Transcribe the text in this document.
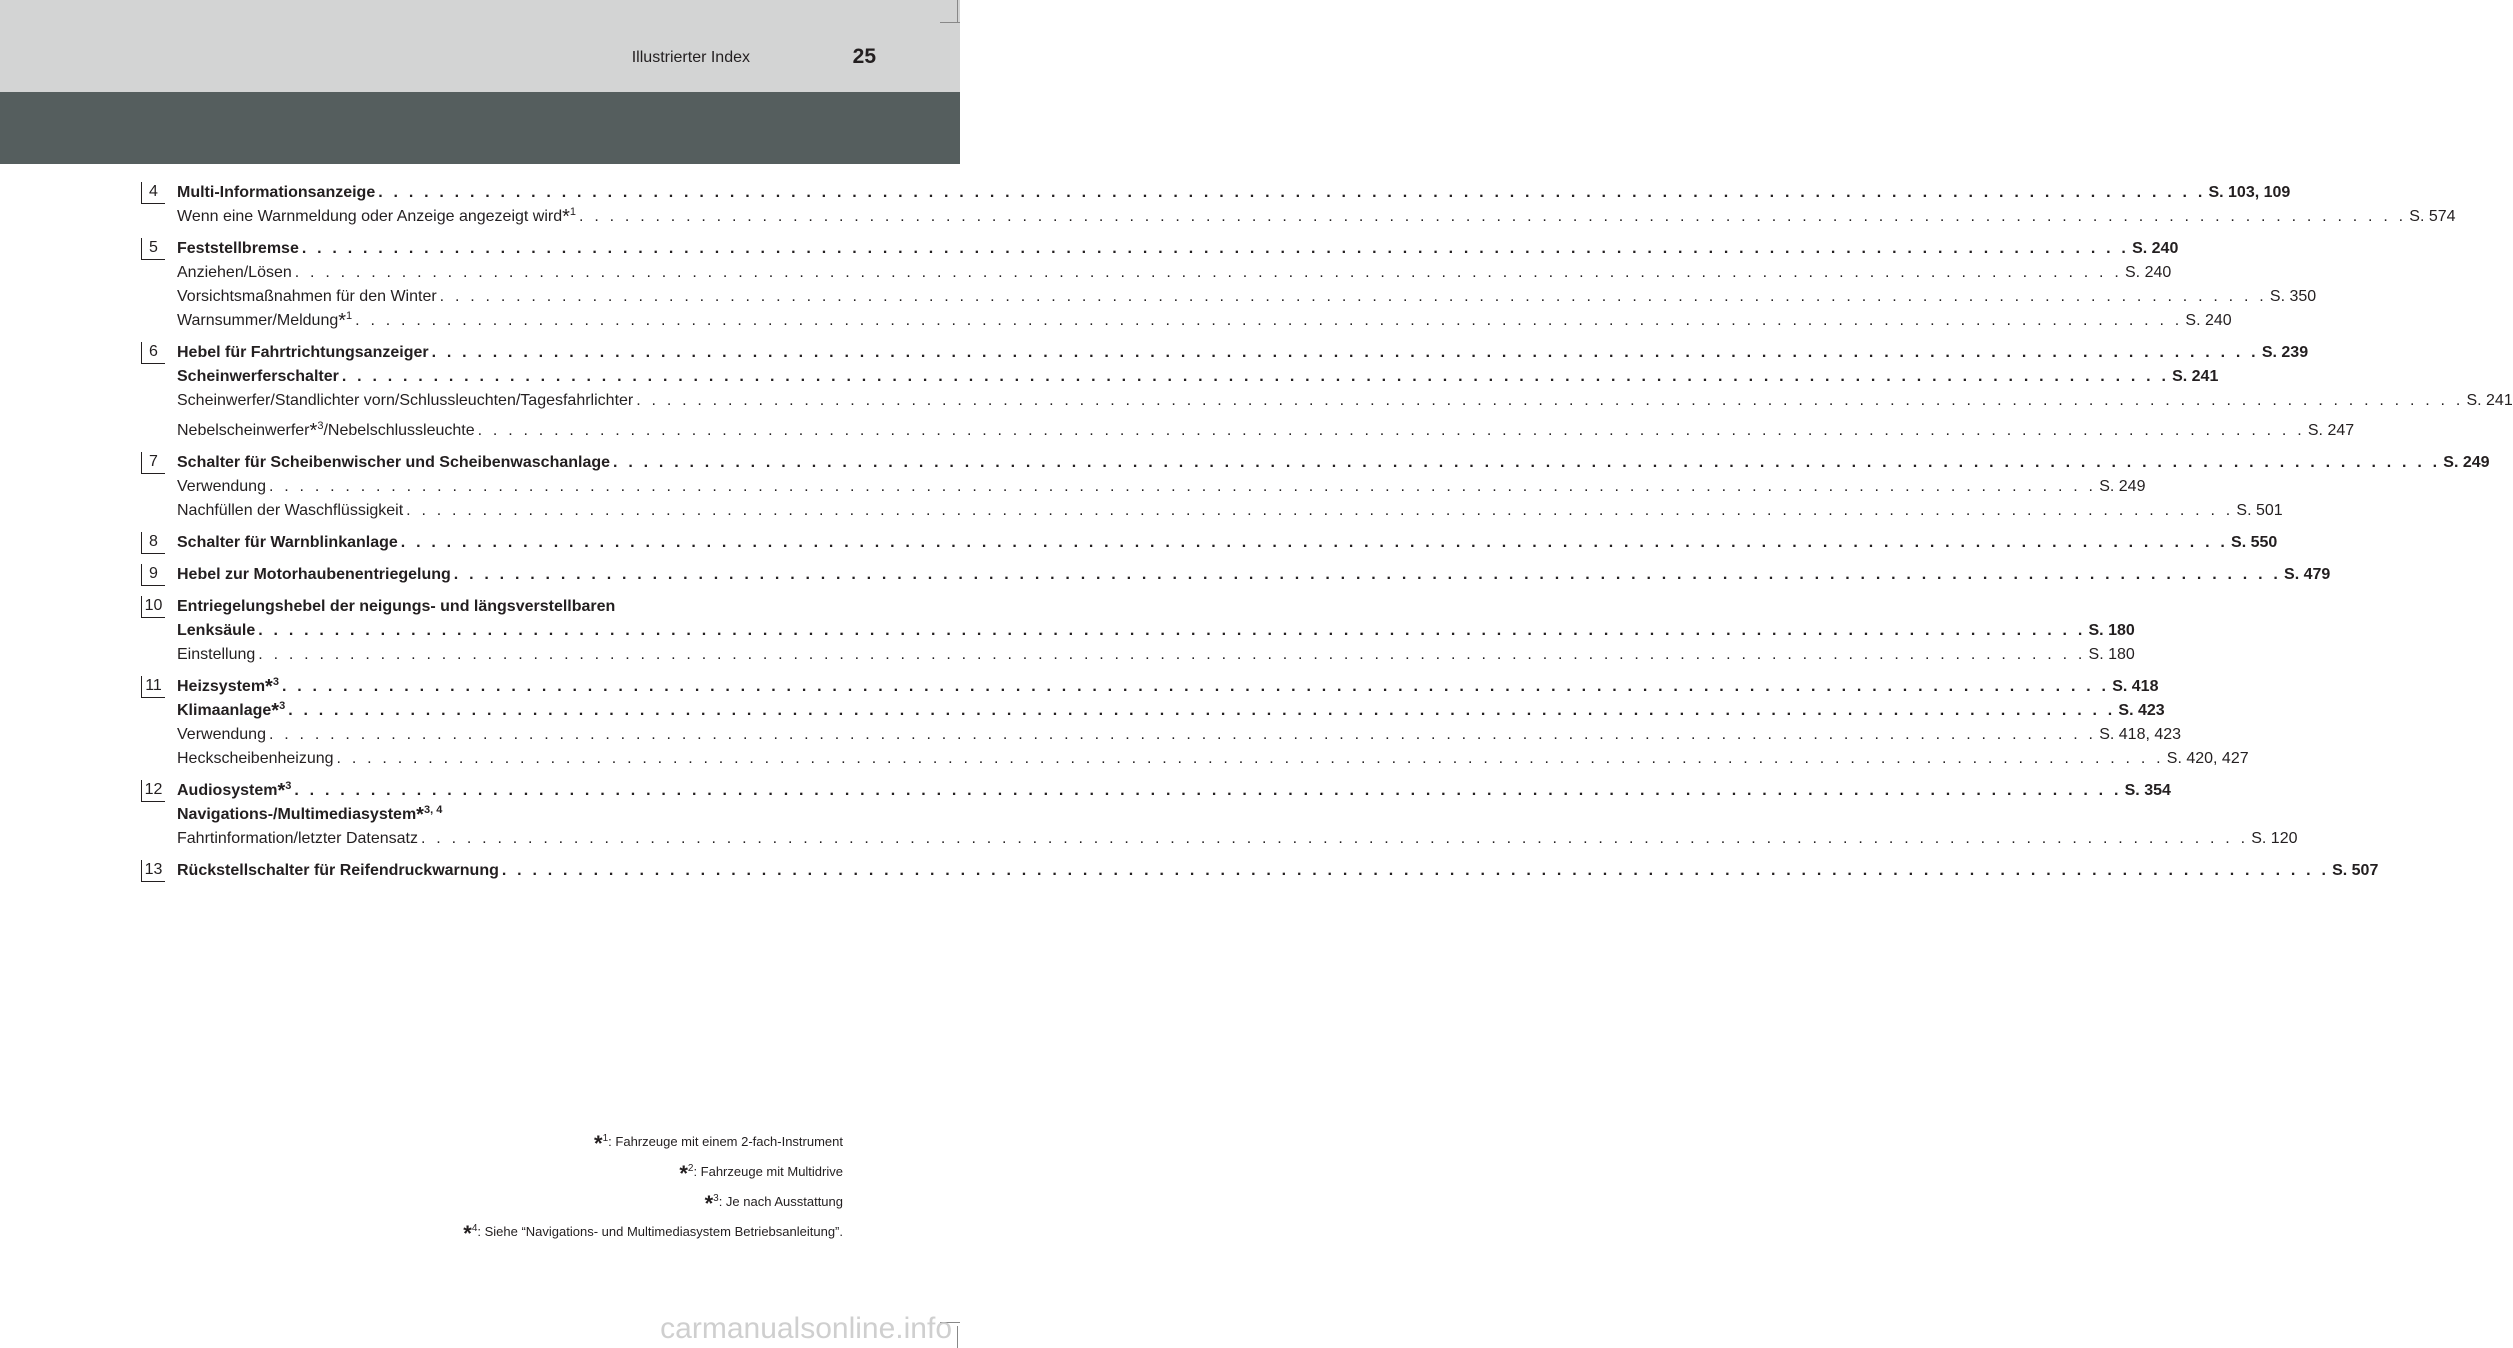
Illustrierter Index	25
4	Multi-Informationsanzeige . . . . . . . . . . . . . . . . . . . . . . . . . . . . . . . . . . . . . . . . . . . . . . . . . . . . . . . . . . . . . . . . . . . . . . . . . . . . . . . . . . . . . . . . . . . . . . . . . . . . . . . . . . . . . . . . . . . . . . . . S. 103, 109
Wenn eine Warnmeldung oder Anzeige angezeigt wird*$^1$ . . . . . . . . . . . . . . . . . . . . . . . . . . . . . . . . . . . . . . . . . . . . . . . . . . . . . . . . . . . . . . . . . . . . . . . . . . . . . . . . . . . . . . . . . . . . . . . . . . . . . . . . . . . . . . . . . . . . . . . . S. 574
5	Feststellbremse . . . . . . . . . . . . . . . . . . . . . . . . . . . . . . . . . . . . . . . . . . . . . . . . . . . . . . . . . . . . . . . . . . . . . . . . . . . . . . . . . . . . . . . . . . . . . . . . . . . . . . . . . . . . . . . . . . . . . . . . S. 240
Anziehen/Lösen . . . . . . . . . . . . . . . . . . . . . . . . . . . . . . . . . . . . . . . . . . . . . . . . . . . . . . . . . . . . . . . . . . . . . . . . . . . . . . . . . . . . . . . . . . . . . . . . . . . . . . . . . . . . . . . . . . . . . . . . S. 240
Vorsichtsmaßnahmen für den Winter . . . . . . . . . . . . . . . . . . . . . . . . . . . . . . . . . . . . . . . . . . . . . . . . . . . . . . . . . . . . . . . . . . . . . . . . . . . . . . . . . . . . . . . . . . . . . . . . . . . . . . . . . . . . . . . . . . . . . . . . S. 350
Warnsummer/Meldung*$^1$ . . . . . . . . . . . . . . . . . . . . . . . . . . . . . . . . . . . . . . . . . . . . . . . . . . . . . . . . . . . . . . . . . . . . . . . . . . . . . . . . . . . . . . . . . . . . . . . . . . . . . . . . . . . . . . . . . . . . . . . . S. 240
6	Hebel für Fahrtrichtungsanzeiger . . . . . . . . . . . . . . . . . . . . . . . . . . . . . . . . . . . . . . . . . . . . . . . . . . . . . . . . . . . . . . . . . . . . . . . . . . . . . . . . . . . . . . . . . . . . . . . . . . . . . . . . . . . . . . . . . . . . . . . . S. 239
Scheinwerferschalter . . . . . . . . . . . . . . . . . . . . . . . . . . . . . . . . . . . . . . . . . . . . . . . . . . . . . . . . . . . . . . . . . . . . . . . . . . . . . . . . . . . . . . . . . . . . . . . . . . . . . . . . . . . . . . . . . . . . . . . . S. 241
Scheinwerfer/Standlichter vorn/Schlussleuchten/Tagesfahrlichter . . . . . . . . . . . . . . . . . . . . . . . . . . . . . . . . . . . . . . . . . . . . . . . . . . . . . . . . . . . . . . . . . . . . . . . . . . . . . . . . . . . . . . . . . . . . . . . . . . . . . . . . . . . . . . . . . . . . . . . . S. 241
Nebelscheinwerfer*$^3$/Nebelschlussleuchte . . . . . . . . . . . . . . . . . . . . . . . . . . . . . . . . . . . . . . . . . . . . . . . . . . . . . . . . . . . . . . . . . . . . . . . . . . . . . . . . . . . . . . . . . . . . . . . . . . . . . . . . . . . . . . . . . . . . . . . . S. 247
7	Schalter für Scheibenwischer und Scheibenwaschanlage . . . . . . . . . . . . . . . . . . . . . . . . . . . . . . . . . . . . . . . . . . . . . . . . . . . . . . . . . . . . . . . . . . . . . . . . . . . . . . . . . . . . . . . . . . . . . . . . . . . . . . . . . . . . . . . . . . . . . . . . S. 249
Verwendung . . . . . . . . . . . . . . . . . . . . . . . . . . . . . . . . . . . . . . . . . . . . . . . . . . . . . . . . . . . . . . . . . . . . . . . . . . . . . . . . . . . . . . . . . . . . . . . . . . . . . . . . . . . . . . . . . . . . . . . . S. 249
Nachfüllen der Waschflüssigkeit . . . . . . . . . . . . . . . . . . . . . . . . . . . . . . . . . . . . . . . . . . . . . . . . . . . . . . . . . . . . . . . . . . . . . . . . . . . . . . . . . . . . . . . . . . . . . . . . . . . . . . . . . . . . . . . . . . . . . . . . S. 501
8	Schalter für Warnblinkanlage . . . . . . . . . . . . . . . . . . . . . . . . . . . . . . . . . . . . . . . . . . . . . . . . . . . . . . . . . . . . . . . . . . . . . . . . . . . . . . . . . . . . . . . . . . . . . . . . . . . . . . . . . . . . . . . . . . . . . . . . S. 550
9	Hebel zur Motorhaubenentriegelung . . . . . . . . . . . . . . . . . . . . . . . . . . . . . . . . . . . . . . . . . . . . . . . . . . . . . . . . . . . . . . . . . . . . . . . . . . . . . . . . . . . . . . . . . . . . . . . . . . . . . . . . . . . . . . . . . . . . . . . . S. 479
10 Entriegelungshebel der neigungs- und längsverstellbaren
Lenksäule . . . . . . . . . . . . . . . . . . . . . . . . . . . . . . . . . . . . . . . . . . . . . . . . . . . . . . . . . . . . . . . . . . . . . . . . . . . . . . . . . . . . . . . . . . . . . . . . . . . . . . . . . . . . . . . . . . . . . . . . S. 180
Einstellung . . . . . . . . . . . . . . . . . . . . . . . . . . . . . . . . . . . . . . . . . . . . . . . . . . . . . . . . . . . . . . . . . . . . . . . . . . . . . . . . . . . . . . . . . . . . . . . . . . . . . . . . . . . . . . . . . . . . . . . . S. 180
11 Heizsystem*$^3$ . . . . . . . . . . . . . . . . . . . . . . . . . . . . . . . . . . . . . . . . . . . . . . . . . . . . . . . . . . . . . . . . . . . . . . . . . . . . . . . . . . . . . . . . . . . . . . . . . . . . . . . . . . . . . . . . . . . . . . . . S. 418
Klimaanlage*$^3$ . . . . . . . . . . . . . . . . . . . . . . . . . . . . . . . . . . . . . . . . . . . . . . . . . . . . . . . . . . . . . . . . . . . . . . . . . . . . . . . . . . . . . . . . . . . . . . . . . . . . . . . . . . . . . . . . . . . . . . . . S. 423
Verwendung . . . . . . . . . . . . . . . . . . . . . . . . . . . . . . . . . . . . . . . . . . . . . . . . . . . . . . . . . . . . . . . . . . . . . . . . . . . . . . . . . . . . . . . . . . . . . . . . . . . . . . . . . . . . . . . . . . . . . . . . S. 418, 423
Heckscheibenheizung . . . . . . . . . . . . . . . . . . . . . . . . . . . . . . . . . . . . . . . . . . . . . . . . . . . . . . . . . . . . . . . . . . . . . . . . . . . . . . . . . . . . . . . . . . . . . . . . . . . . . . . . . . . . . . . . . . . . . . . . S. 420, 427
12 Audiosystem*$^3$ . . . . . . . . . . . . . . . . . . . . . . . . . . . . . . . . . . . . . . . . . . . . . . . . . . . . . . . . . . . . . . . . . . . . . . . . . . . . . . . . . . . . . . . . . . . . . . . . . . . . . . . . . . . . . . . . . . . . . . . . S. 354
Navigations-/Multimediasystem*$^{3, 4}$
Fahrtinformation/letzter Datensatz . . . . . . . . . . . . . . . . . . . . . . . . . . . . . . . . . . . . . . . . . . . . . . . . . . . . . . . . . . . . . . . . . . . . . . . . . . . . . . . . . . . . . . . . . . . . . . . . . . . . . . . . . . . . . . . . . . . . . . . . S. 120
13 Rückstellschalter für Reifendruckwarnung . . . . . . . . . . . . . . . . . . . . . . . . . . . . . . . . . . . . . . . . . . . . . . . . . . . . . . . . . . . . . . . . . . . . . . . . . . . . . . . . . . . . . . . . . . . . . . . . . . . . . . . . . . . . . . . . . . . . . . . . S. 507
*$^1$: Fahrzeuge mit einem 2-fach-Instrument
*$^2$: Fahrzeuge mit Multidrive
*$^3$: Je nach Ausstattung
*$^4$: Siehe “Navigations- und Multimediasystem Betriebsanleitung”.
carmanualsonline.info
